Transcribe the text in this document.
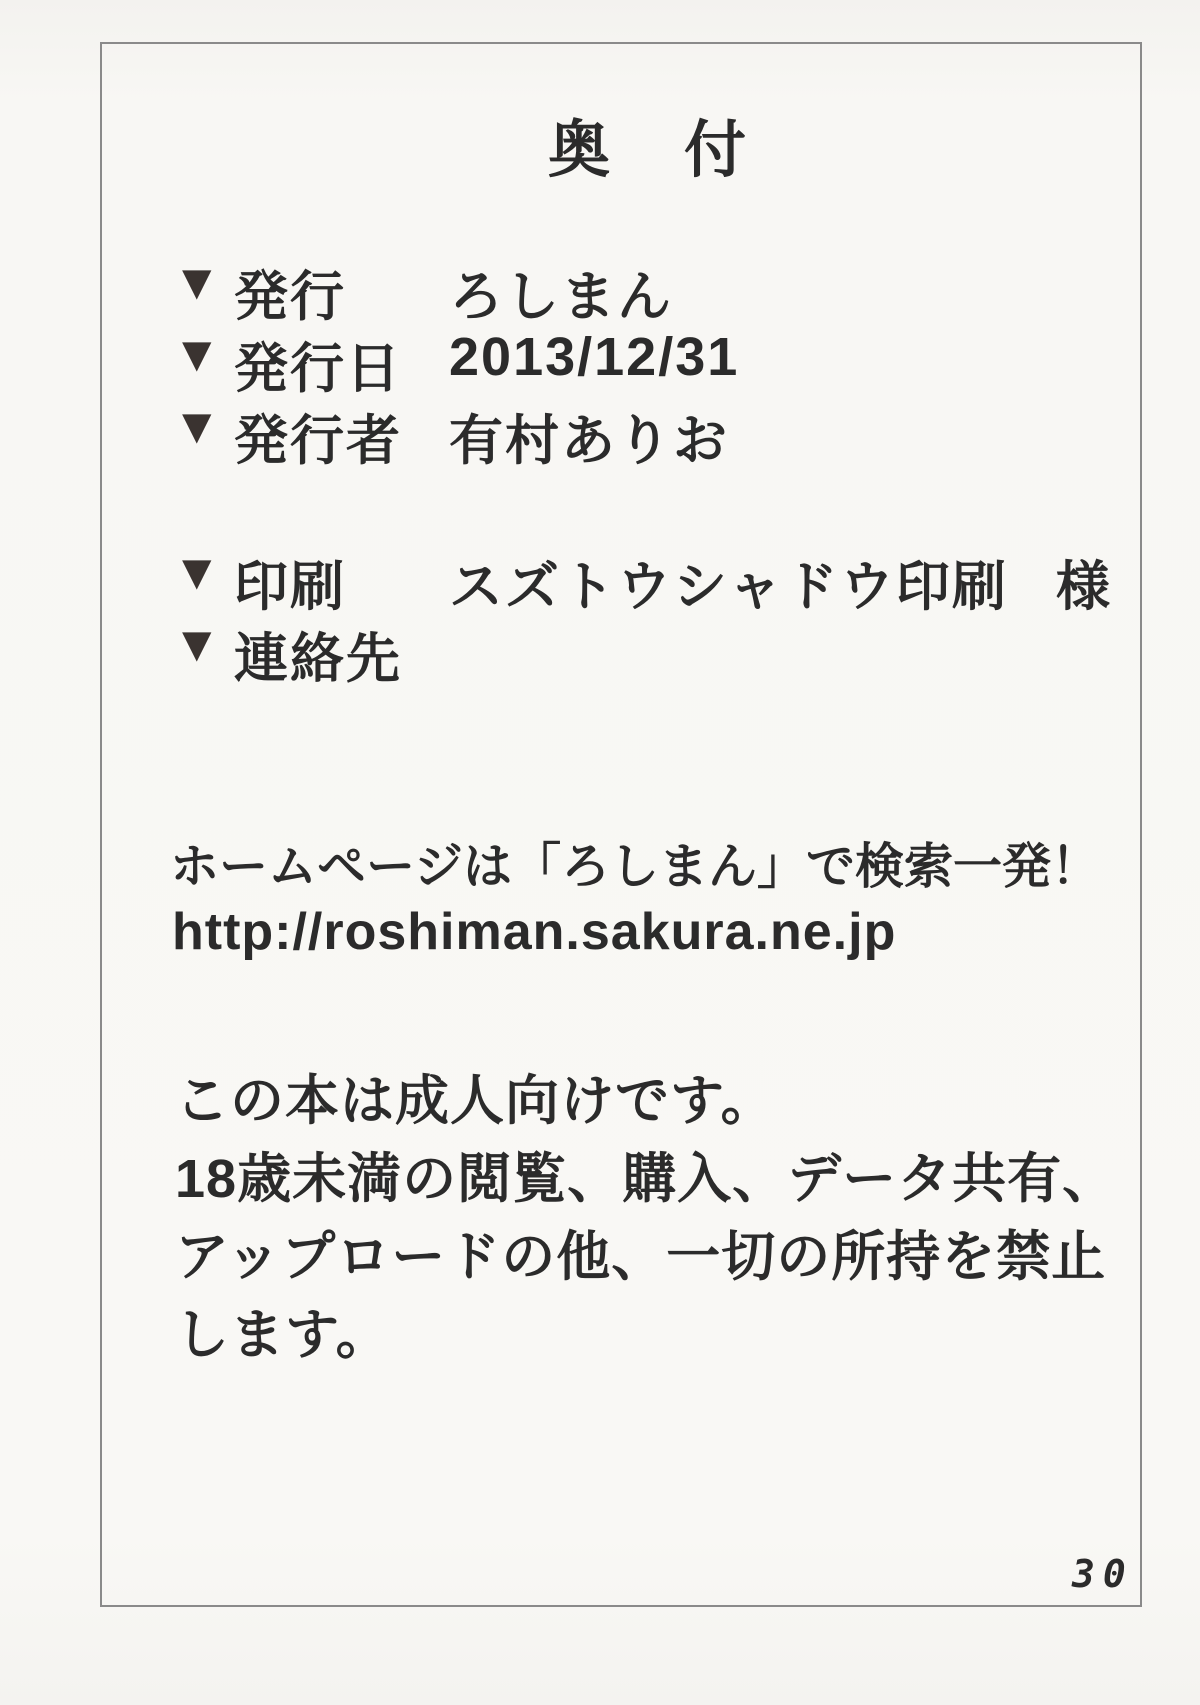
奥　付
▼ 発行	ろしまん
▼ 発行日 2013/12/31
▼ 発行者 有村ありお
▼ 印刷	スズトウシャドウ印刷 様
▼ 連絡先
ホームページは「ろしまん」で検索一発！
http://roshiman.sakura.ne.jp
この本は成人向けです。
18歳未満の閲覧、購入、データ共有、
アップロードの他、一切の所持を禁止
します。
30
